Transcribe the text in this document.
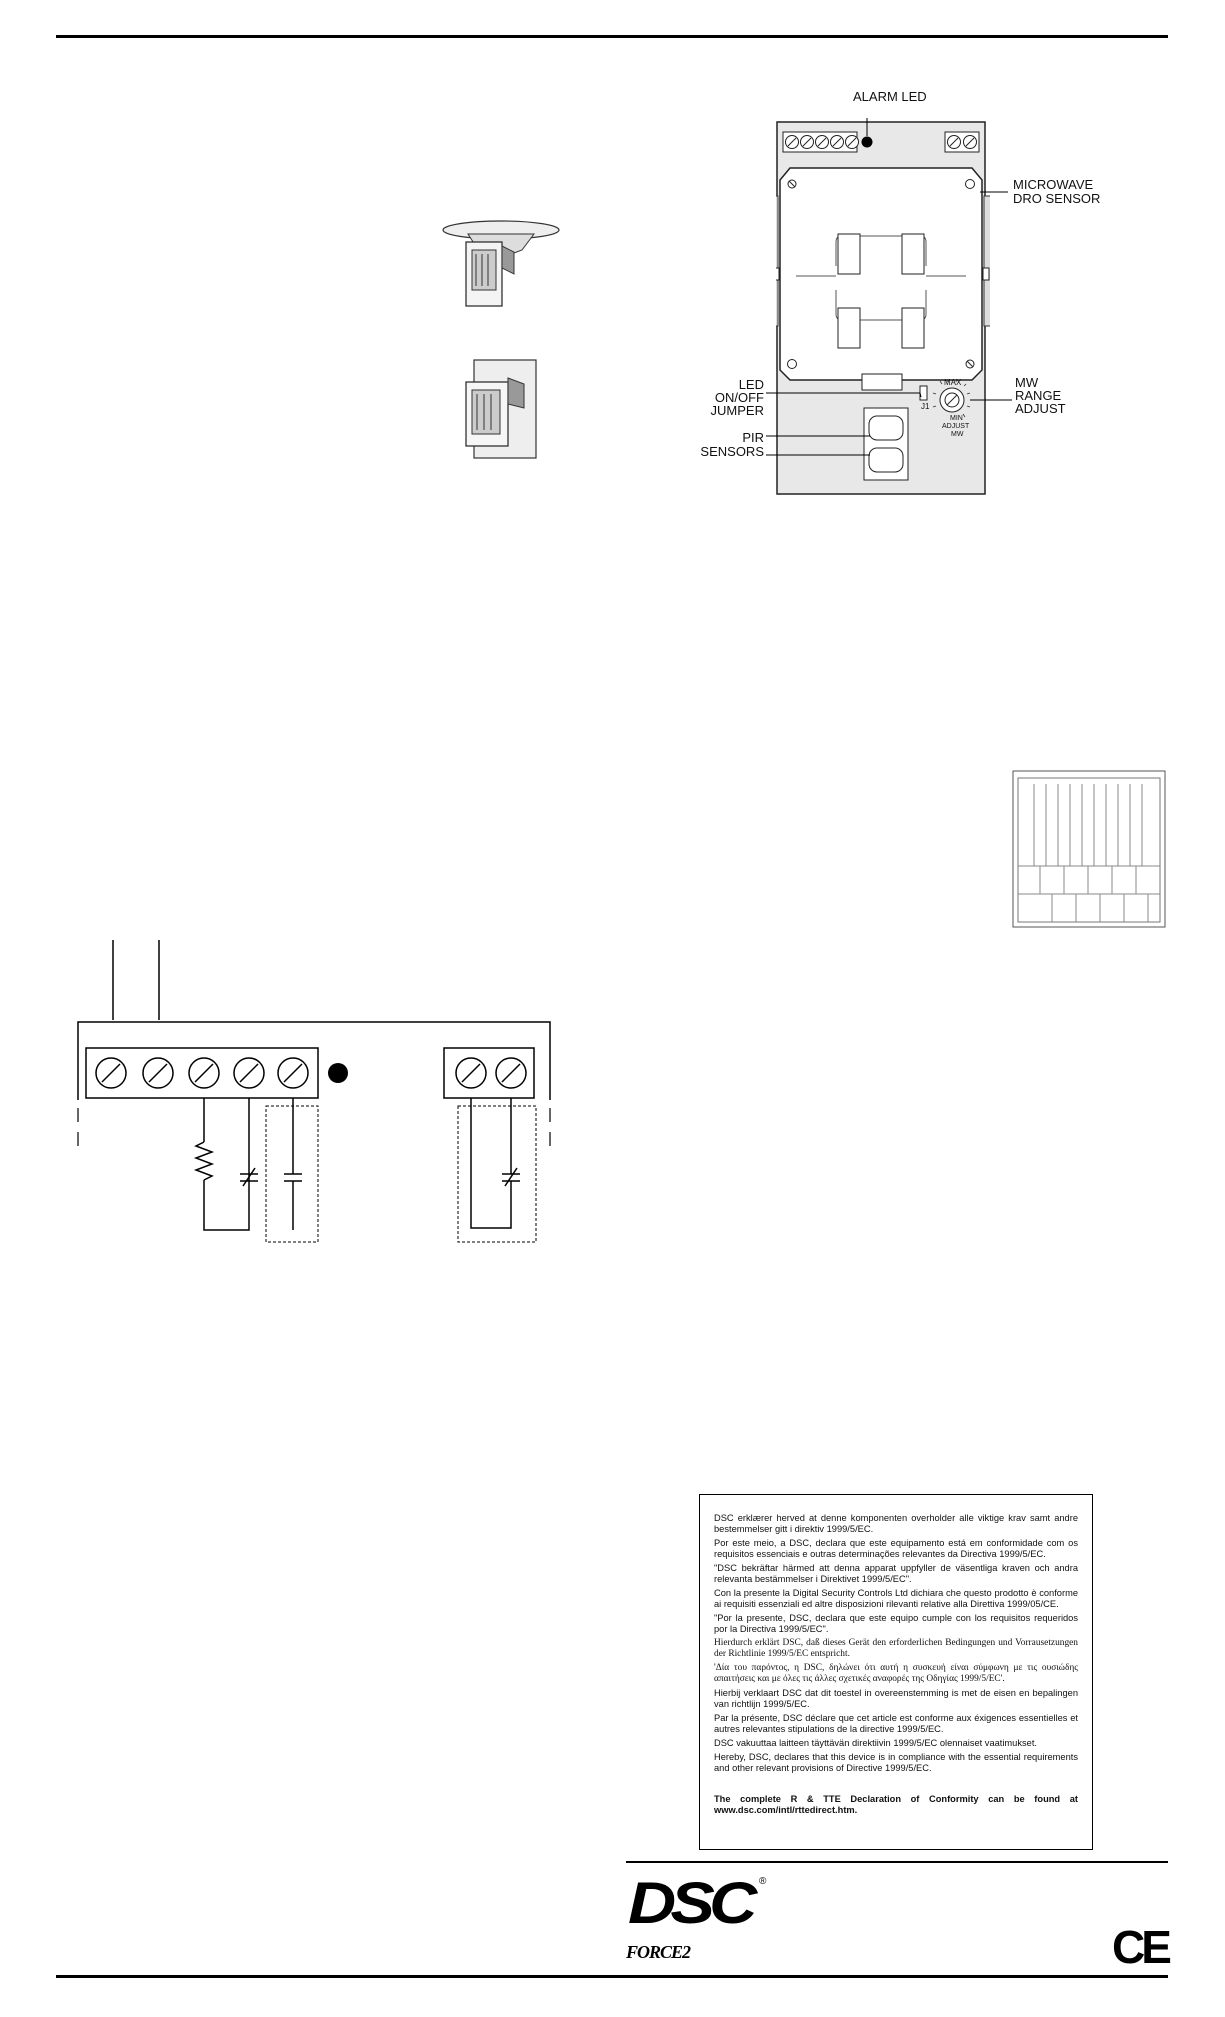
J1
MAX
MIN
ADJUST
MW
ALARM LED
MICROWAVE
DRO SENSOR
LED
ON/OFF
JUMPER
MW
RANGE
ADJUST
PIR
SENSORS

DSC erklærer herved at denne komponenten overholder alle viktige krav samt andre bestemmelser gitt i direktiv 1999/5/EC.

Por este meio, a DSC, declara que este equipamento está em conformidade com os requisitos essenciais e outras determinações relevantes da Directiva 1999/5/EC.

"DSC bekräftar härmed att denna apparat uppfyller de väsentliga kraven och andra relevanta bestämmelser i Direktivet 1999/5/EC".

Con la presente la Digital Security Controls Ltd dichiara che questo prodotto è conforme ai requisiti essenziali ed altre disposizioni rilevanti relative alla Direttiva 1999/05/CE.

"Por la presente, DSC, declara que este equipo cumple con los requisitos requeridos por la Directiva 1999/5/EC".

Hierdurch erklärt DSC, daß dieses Gerät den erforderlichen Bedingungen und Vorrausetzungen der Richtlinie 1999/5/EC entspricht.

'Δία του παρόντος, η DSC, δηλώνει ότι αυτή η συσκευή είναι σύμφωνη με τις ουσιώδης απαιτήσεις και με όλες τις άλλες σχετικές αναφορές της Οδηγίας 1999/5/EC'.

Hierbij verklaart DSC dat dit toestel in overeenstemming is met de eisen en bepalingen van richtlijn 1999/5/EC.

Par la présente, DSC déclare que cet article est conforme aux éxigences essentielles et autres relevantes stipulations de la directive 1999/5/EC.

DSC vakuuttaa laitteen täyttävän direktiivin 1999/5/EC olennaiset vaatimukset.

Hereby, DSC, declares that this device is in compliance with the essential requirements and other relevant provisions of Directive 1999/5/EC.

The complete R & TTE Declaration of Conformity can be found at www.dsc.com/intl/rttedirect.htm.

DSC ®
FORCE2	CE
